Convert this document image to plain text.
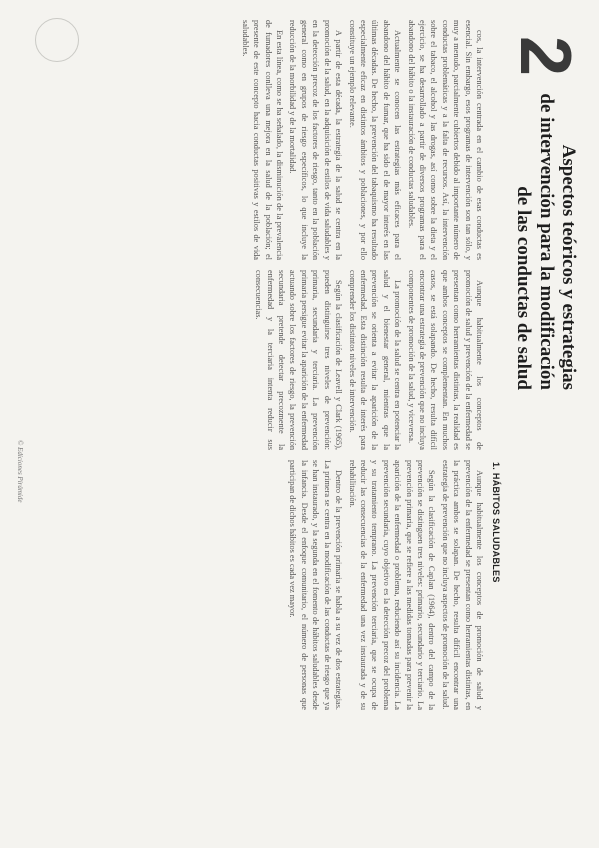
2
Aspectos teóricos y estrategias
de intervención para la modificación
de las conductas de salud

cos, la intervención centrada en el cambio de esas conductas es esencial. Sin embargo, esos programas de intervención son tan sólo, y muy a menudo, parcialmente cubiertos debido al importante número de conductas problemáticas y a la falta de recursos. Así, la intervención sobre el tabaco, el alcohol y las drogas, así como sobre la dieta y el ejercicio, se ha desarrollado a partir de diversos programas para el abandono del hábito o la instauración de conductas saludables.

Actualmente se conocen las estrategias más eficaces para el abandono del hábito de fumar, que ha sido el de mayor interés en las últimas décadas. De hecho, la prevención del tabaquismo ha resultado especialmente eficaz en distintos ámbitos y poblaciones, y por ello constituye un ejemplo relevante.

A partir de esta década, la estrategia de la salud se centra en la promoción de la salud, en la adquisición de estilos de vida saludables y en la detección precoz de los factores de riesgo, tanto en la población general como en grupos de riesgo específicos, lo que incluye la reducción de la morbilidad y de la mortalidad.

En esta línea, como se ha señalado, la disminución de la prevalencia de fumadores conlleva una mejora en la salud de la población; el presente de este concepto hacia conductas positivas y estilos de vida saludables.

Aunque habitualmente los conceptos de promoción de salud y prevención de la enfermedad se presentan como herramientas distintas, la realidad es que ambos conceptos se complementan. En muchos casos, se está solapando. De hecho, resulta difícil encontrar una estrategia de prevención que no incluya componentes de promoción de la salud, y viceversa.

La promoción de la salud se centra en potenciar la salud y el bienestar general, mientras que la prevención se orienta a evitar la aparición de la enfermedad. Esta distinción resulta de interés para comprender los distintos niveles de intervención.

Según la clasificación de Leavell y Clark (1965), pueden distinguirse tres niveles de prevención: primaria, secundaria y terciaria. La prevención primaria persigue evitar la aparición de la enfermedad actuando sobre los factores de riesgo, la prevención secundaria pretende detectar precozmente la enfermedad y la terciaria intenta reducir sus consecuencias.

1. HÁBITOS SALUDABLES

Aunque habitualmente los conceptos de promoción de salud y prevención de la enfermedad se presentan como herramientas distintas, en la práctica ambos se solapan. De hecho, resulta difícil encontrar una estrategia de prevención que no incluya aspectos de promoción de la salud.

Según la clasificación de Caplan (1964), dentro del campo de la prevención se distinguen tres niveles: primario, secundario y terciario. La prevención primaria, que se refiere a las medidas tomadas para prevenir la aparición de la enfermedad o problema, reduciendo así su incidencia. La prevención secundaria, cuyo objetivo es la detección precoz del problema y su tratamiento temprano. La prevención terciaria, que se ocupa de reducir las consecuencias de la enfermedad una vez instaurada y de su rehabilitación.

Dentro de la prevención primaria se habla a su vez de dos estrategias. La primera se centra en la modificación de las conductas de riesgo que ya se han instaurado, y la segunda en el fomento de hábitos saludables desde la infancia. Desde el enfoque comunitario, el número de personas que participan de dichos hábitos es cada vez mayor.

© Ediciones Pirámide
